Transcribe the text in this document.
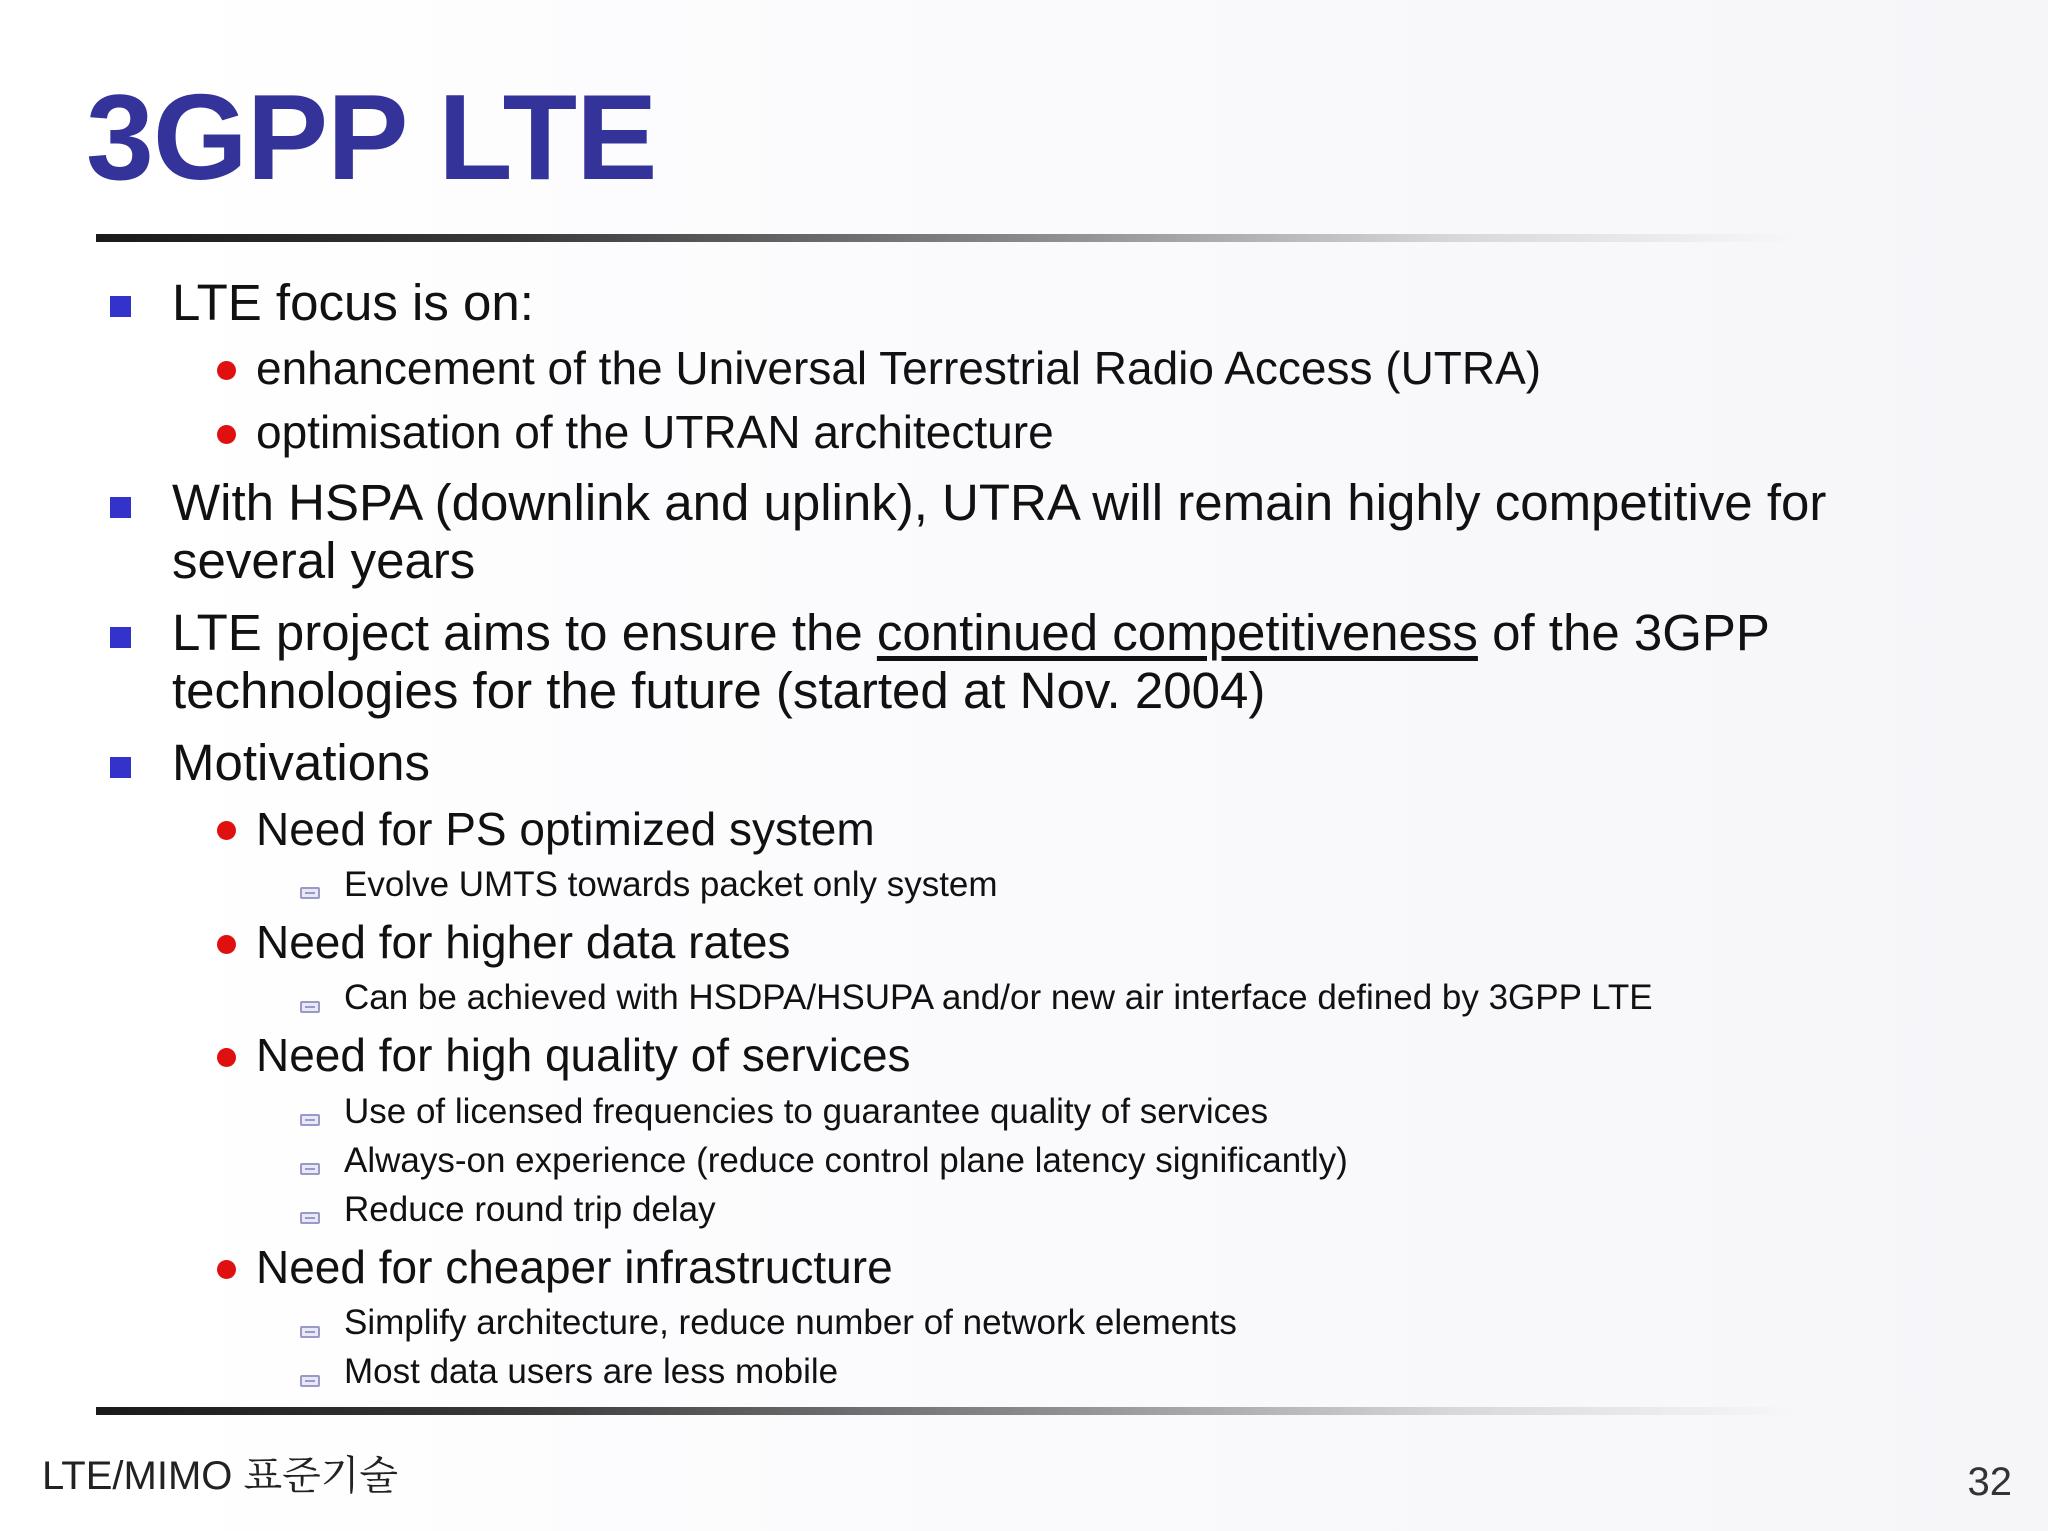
3GPP LTE
LTE focus is on:
enhancement of the Universal Terrestrial Radio Access (UTRA)
optimisation of the UTRAN architecture
With HSPA (downlink and uplink), UTRA will remain highly competitive for
several years
LTE project aims to ensure the continued competitiveness of the 3GPP
technologies for the future (started at Nov. 2004)
Motivations
Need for PS optimized system
Evolve UMTS towards packet only system
Need for higher data rates
Can be achieved with HSDPA/HSUPA and/or new air interface defined by 3GPP LTE
Need for high quality of services
Use of licensed frequencies to guarantee quality of services
Always-on experience (reduce control plane latency significantly)
Reduce round trip delay
Need for cheaper infrastructure
Simplify architecture, reduce number of network elements
Most data users are less mobile
LTE/MIMO 표준기술	32
